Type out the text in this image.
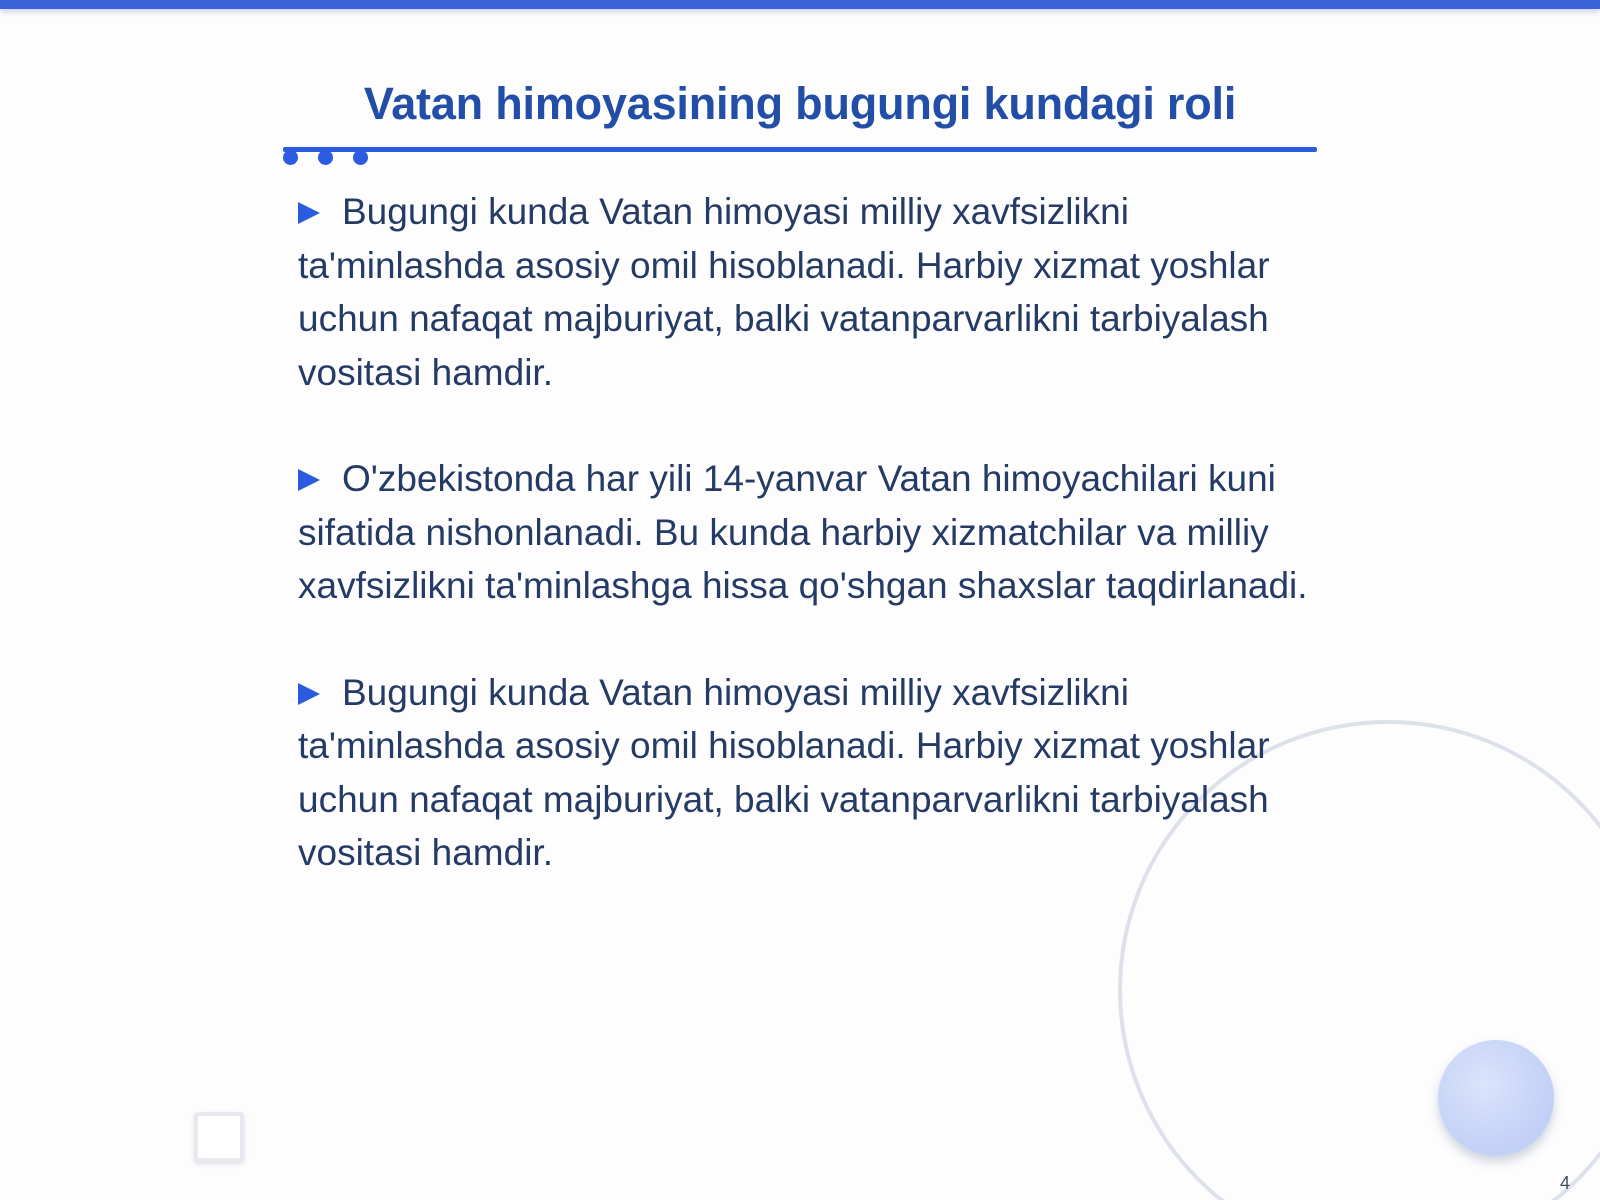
Vatan himoyasining bugungi kundagi roli

Bugungi kunda Vatan himoyasi milliy xavfsizlikni ta'minlashda asosiy omil hisoblanadi. Harbiy xizmat yoshlar uchun nafaqat majburiyat, balki vatanparvarlikni tarbiyalash vositasi hamdir.

O'zbekistonda har yili 14-yanvar Vatan himoyachilari kuni sifatida nishonlanadi. Bu kunda harbiy xizmatchilar va milliy xavfsizlikni ta'minlashga hissa qo'shgan shaxslar taqdirlanadi.

Bugungi kunda Vatan himoyasi milliy xavfsizlikni ta'minlashda asosiy omil hisoblanadi. Harbiy xizmat yoshlar uchun nafaqat majburiyat, balki vatanparvarlikni tarbiyalash vositasi hamdir.

4
